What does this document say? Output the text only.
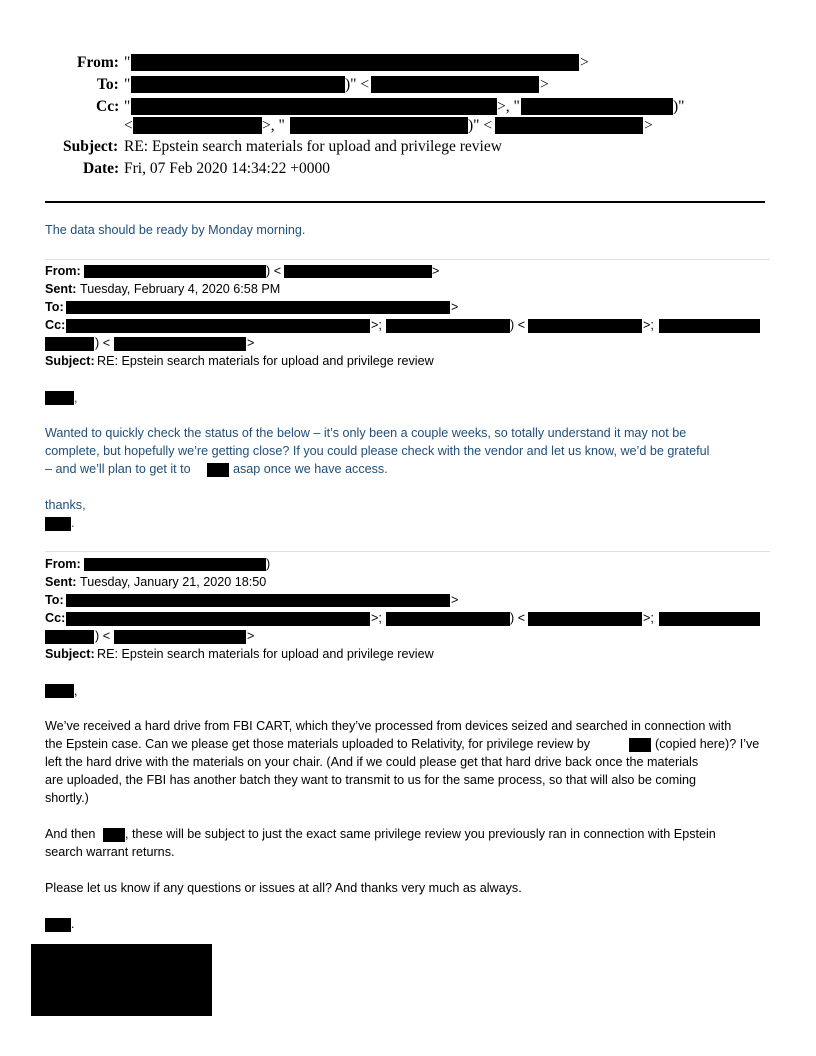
From: "	>
To: "	)" <	>
Cc: "	>, "	)"
<	>, "	)" <	>
Subject: RE: Epstein search materials for upload and privilege review
Date: Fri, 07 Feb 2020 14:34:22 +0000
The data should be ready by Monday morning.
From:	) <	>
Sent: Tuesday, February 4, 2020 6:58 PM
To:	>
Cc:	>;	) <	>;
) <	>
Subject: RE: Epstein search materials for upload and privilege review
,
Wanted to quickly check the status of the below – it’s only been a couple weeks, so totally understand it may not be
complete, but hopefully we’re getting close? If you could please check with the vendor and let us know, we’d be grateful
– and we’ll plan to get it to	asap once we have access.
thanks,
.
From:	)
Sent: Tuesday, January 21, 2020 18:50
To:	>
Cc:	>;	) <	>;
) <	>
Subject: RE: Epstein search materials for upload and privilege review
,
We’ve received a hard drive from FBI CART, which they’ve processed from devices seized and searched in connection with
the Epstein case. Can we please get those materials uploaded to Relativity, for privilege review by	(copied here)? I’ve
left the hard drive with the materials on your chair. (And if we could please get that hard drive back once the materials
are uploaded, the FBI has another batch they want to transmit to us for the same process, so that will also be coming
shortly.)
And then , these will be subject to just the exact same privilege review you previously ran in connection with Epstein
search warrant returns.
Please let us know if any questions or issues at all? And thanks very much as always.
.
